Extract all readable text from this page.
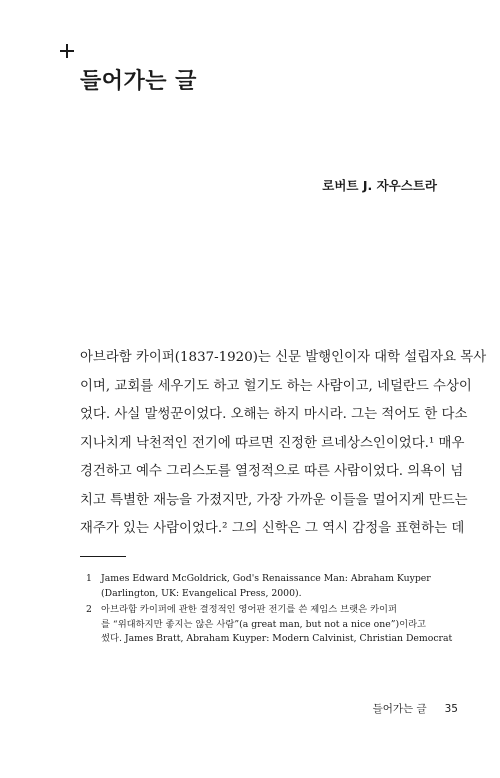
들어가는 글
로버트 J. 자우스트라
아브라함 카이퍼(1837-1920)는 신문 발행인이자 대학 설립자요 목사
이며, 교회를 세우기도 하고 헐기도 하는 사람이고, 네덜란드 수상이
었다. 사실 말썽꾼이었다. 오해는 하지 마시라. 그는 적어도 한 다소
지나치게 낙천적인 전기에 따르면 진정한 르네상스인이었다.¹ 매우
경건하고 예수 그리스도를 열정적으로 따른 사람이었다. 의욕이 넘
치고 특별한 재능을 가졌지만, 가장 가까운 이들을 멀어지게 만드는
재주가 있는 사람이었다.² 그의 신학은 그 역시 감정을 표현하는 데
1 James Edward McGoldrick, God's Renaissance Man: Abraham Kuyper
(Darlington, UK: Evangelical Press, 2000).
2 아브라함 카이퍼에 관한 결정적인 영어판 전기를 쓴 제임스 브랫은 카이퍼
를 “위대하지만 좋지는 않은 사람”(a great man, but not a nice one”)이라고
썼다. James Bratt, Abraham Kuyper: Modern Calvinist, Christian Democrat
들어가는 글 35
